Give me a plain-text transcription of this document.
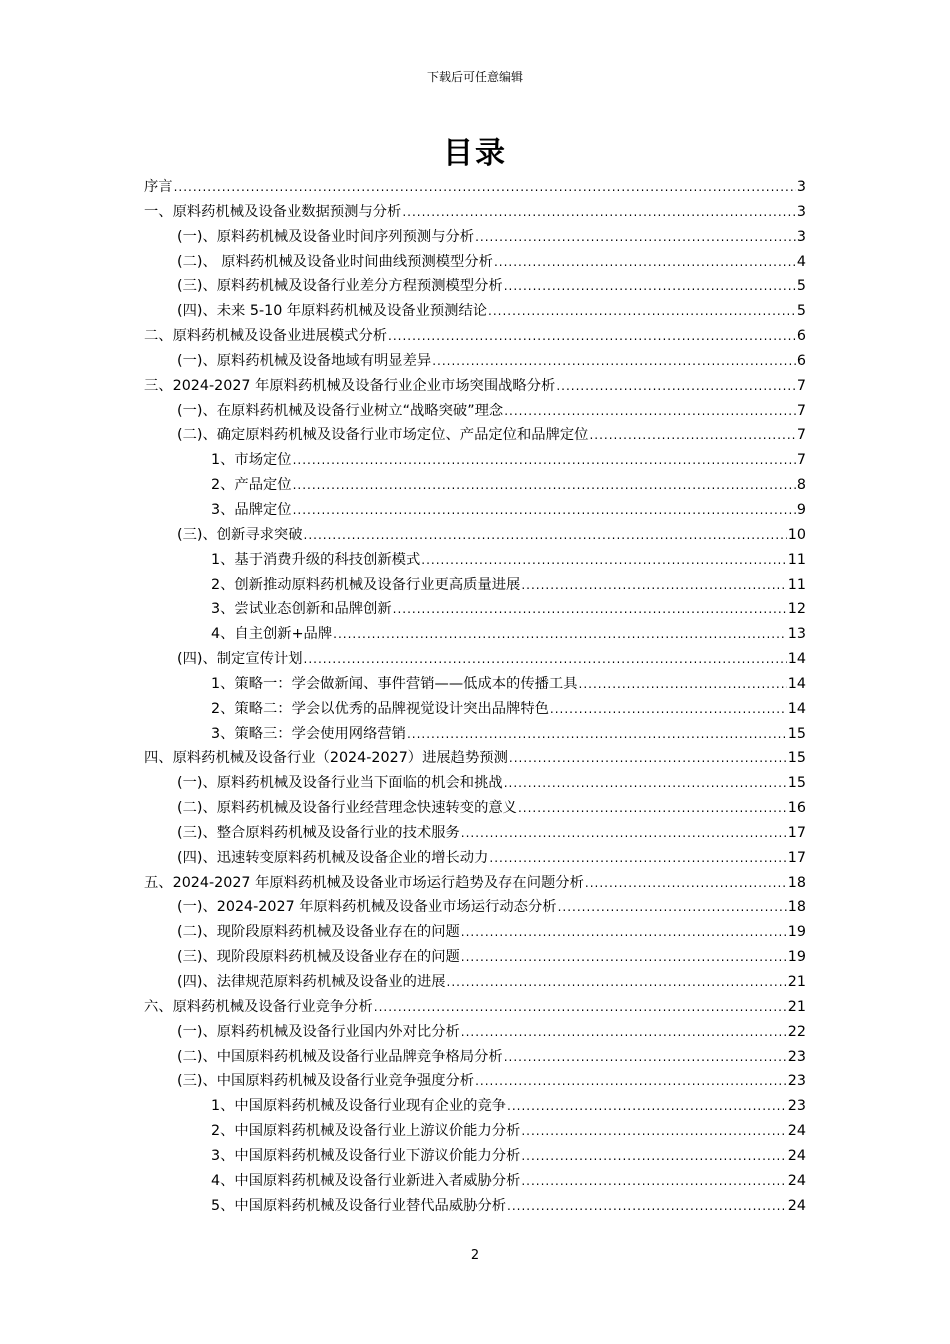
下载后可任意编辑
目录
序言 .....	3
一、原料药机械及设备业数据预测与分析 .....	3
(一)、原料药机械及设备业时间序列预测与分析 .....	3
(二)、 原料药机械及设备业时间曲线预测模型分析 .....	4
(三)、原料药机械及设备行业差分方程预测模型分析 .....	5
(四)、未来 5-10 年原料药机械及设备业预测结论 .....	5
二、原料药机械及设备业进展模式分析 .....	6
(一)、原料药机械及设备地域有明显差异 .....	6
三、2024-2027 年原料药机械及设备行业企业市场突围战略分析 .....	7
(一)、在原料药机械及设备行业树立“战略突破”理念 .....	7
(二)、确定原料药机械及设备行业市场定位、产品定位和品牌定位 .....	7
1、市场定位 .....	7
2、产品定位 .....	8
3、品牌定位 .....	9
(三)、创新寻求突破 .....	10
1、基于消费升级的科技创新模式 .....	11
2、创新推动原料药机械及设备行业更高质量进展 .....	11
3、尝试业态创新和品牌创新 .....	12
4、自主创新+品牌 .....	13
(四)、制定宣传计划 .....	14
1、策略一：学会做新闻、事件营销——低成本的传播工具 .....	14
2、策略二：学会以优秀的品牌视觉设计突出品牌特色 .....	14
3、策略三：学会使用网络营销 .....	15
四、原料药机械及设备行业（2024-2027）进展趋势预测 .....	15
(一)、原料药机械及设备行业当下面临的机会和挑战 .....	15
(二)、原料药机械及设备行业经营理念快速转变的意义 .....	16
(三)、整合原料药机械及设备行业的技术服务 .....	17
(四)、迅速转变原料药机械及设备企业的增长动力 .....	17
五、2024-2027 年原料药机械及设备业市场运行趋势及存在问题分析 .....	18
(一)、2024-2027 年原料药机械及设备业市场运行动态分析 .....	18
(二)、现阶段原料药机械及设备业存在的问题 .....	19
(三)、现阶段原料药机械及设备业存在的问题 .....	19
(四)、法律规范原料药机械及设备业的进展 .....	21
六、原料药机械及设备行业竞争分析 .....	21
(一)、原料药机械及设备行业国内外对比分析 .....	22
(二)、中国原料药机械及设备行业品牌竞争格局分析 .....	23
(三)、中国原料药机械及设备行业竞争强度分析 .....	23
1、中国原料药机械及设备行业现有企业的竞争 .....	23
2、中国原料药机械及设备行业上游议价能力分析 .....	24
3、中国原料药机械及设备行业下游议价能力分析 .....	24
4、中国原料药机械及设备行业新进入者威胁分析 .....	24
5、中国原料药机械及设备行业替代品威胁分析 .....	24
2
